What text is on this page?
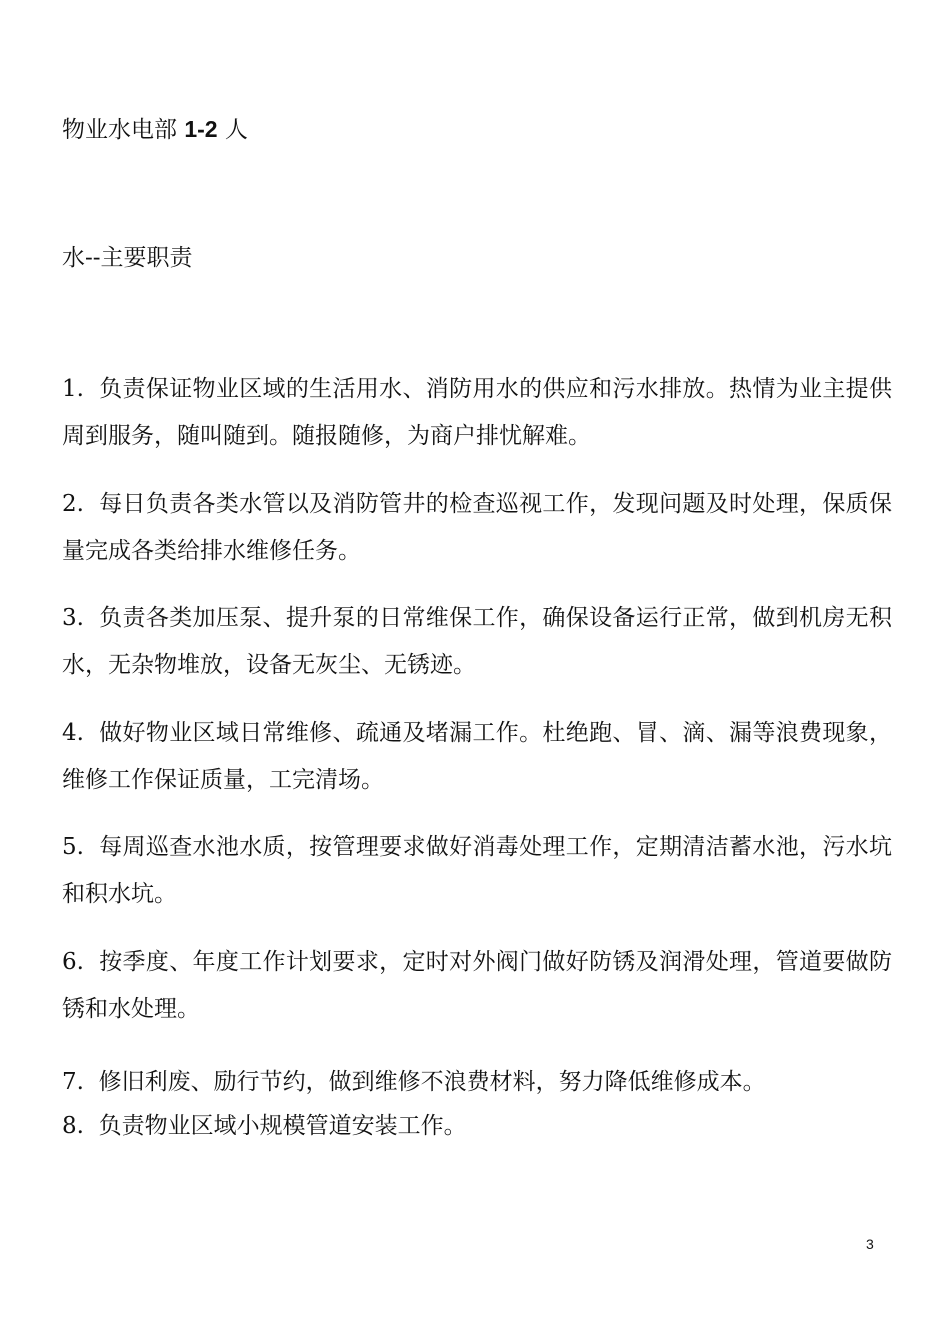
物业水电部 1-2 人
水--主要职责

1. 负责保证物业区域的生活用水、消防用水的供应和污水排放。热情为业主提供周到服务，随叫随到。随报随修，为商户排忧解难。

2. 每日负责各类水管以及消防管井的检查巡视工作，发现问题及时处理，保质保量完成各类给排水维修任务。

3. 负责各类加压泵、提升泵的日常维保工作，确保设备运行正常，做到机房无积水，无杂物堆放，设备无灰尘、无锈迹。

4. 做好物业区域日常维修、疏通及堵漏工作。杜绝跑、冒、滴、漏等浪费现象，维修工作保证质量，工完清场。

5. 每周巡查水池水质，按管理要求做好消毒处理工作，定期清洁蓄水池，污水坑和积水坑。

6. 按季度、年度工作计划要求，定时对外阀门做好防锈及润滑处理，管道要做防锈和水处理。

7. 修旧利废、励行节约，做到维修不浪费材料，努力降低维修成本。

8. 负责物业区域小规模管道安装工作。

3
